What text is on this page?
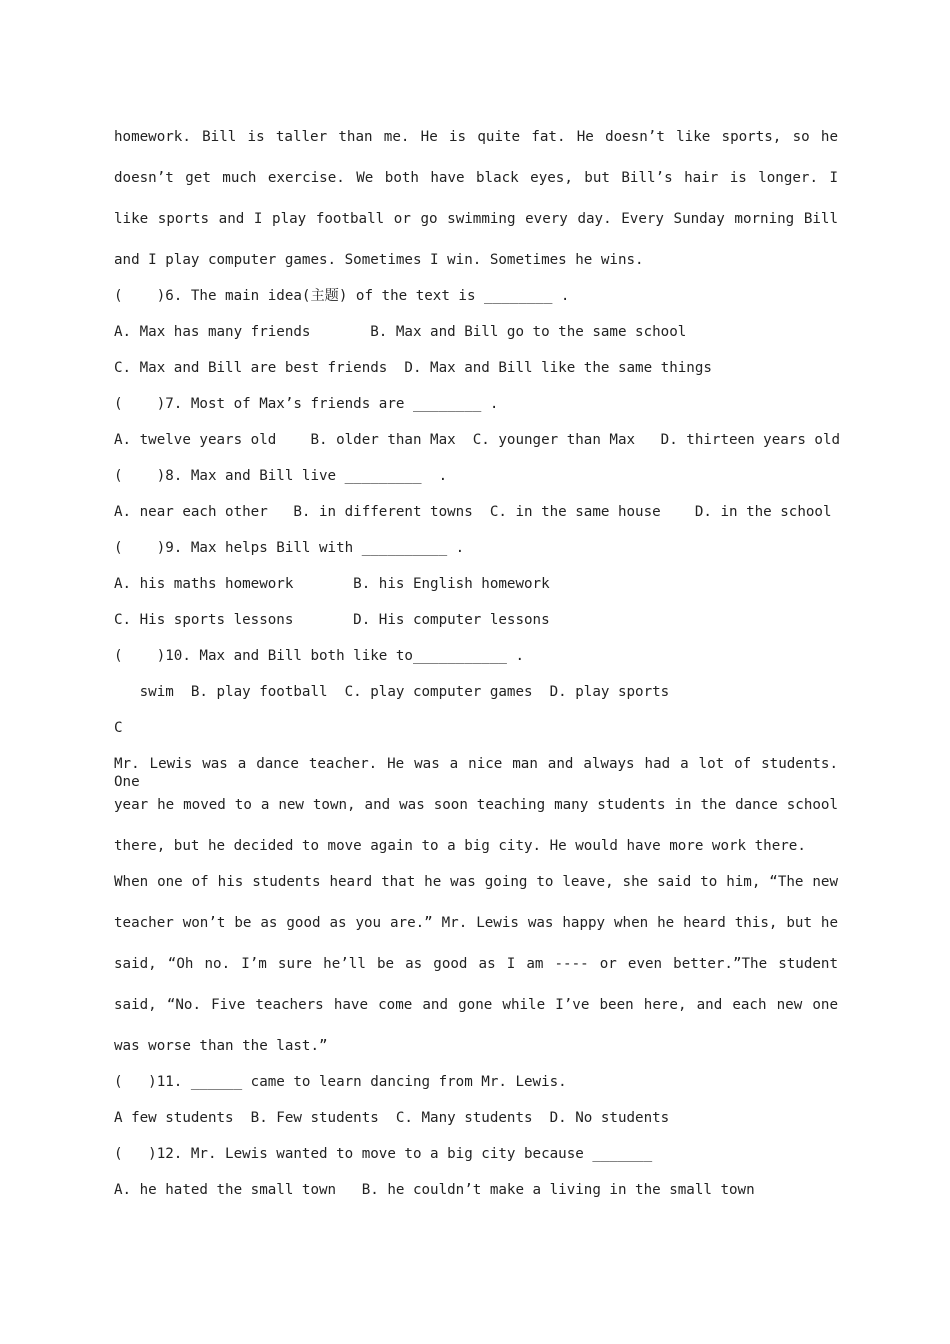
homework. Bill is taller than me. He is quite fat. He doesn’t like sports, so he
doesn’t get much exercise. We both have black eyes, but Bill’s hair is longer. I
like sports and I play football or go swimming every day. Every Sunday morning Bill
and I play computer games. Sometimes I win. Sometimes he wins.
(    )6. The main idea(主题) of the text is ________ .
A. Max has many friends       B. Max and Bill go to the same school
C. Max and Bill are best friends  D. Max and Bill like the same things
(    )7. Most of Max’s friends are ________ .
A. twelve years old    B. older than Max  C. younger than Max   D. thirteen years old
(    )8. Max and Bill live _________  .
A. near each other   B. in different towns  C. in the same house    D. in the school
(    )9. Max helps Bill with __________ .
A. his maths homework       B. his English homework
C. His sports lessons       D. His computer lessons
(    )10. Max and Bill both like to___________ .
swim  B. play football  C. play computer games  D. play sports
C
Mr. Lewis was a dance teacher. He was a nice man and always had a lot of students. One
year he moved to a new town, and was soon teaching many students in the dance school
there, but he decided to move again to a big city. He would have more work there.
When one of his students heard that he was going to leave, she said to him, “The new
teacher won’t be as good as you are.” Mr. Lewis was happy when he heard this, but he
said, “Oh no. I’m sure he’ll be as good as I am ---- or even better.”The student
said, “No. Five teachers have come and gone while I’ve been here, and each new one
was worse than the last.”
(   )11. ______ came to learn dancing from Mr. Lewis.
A few students  B. Few students  C. Many students  D. No students
(   )12. Mr. Lewis wanted to move to a big city because _______
A. he hated the small town   B. he couldn’t make a living in the small town
